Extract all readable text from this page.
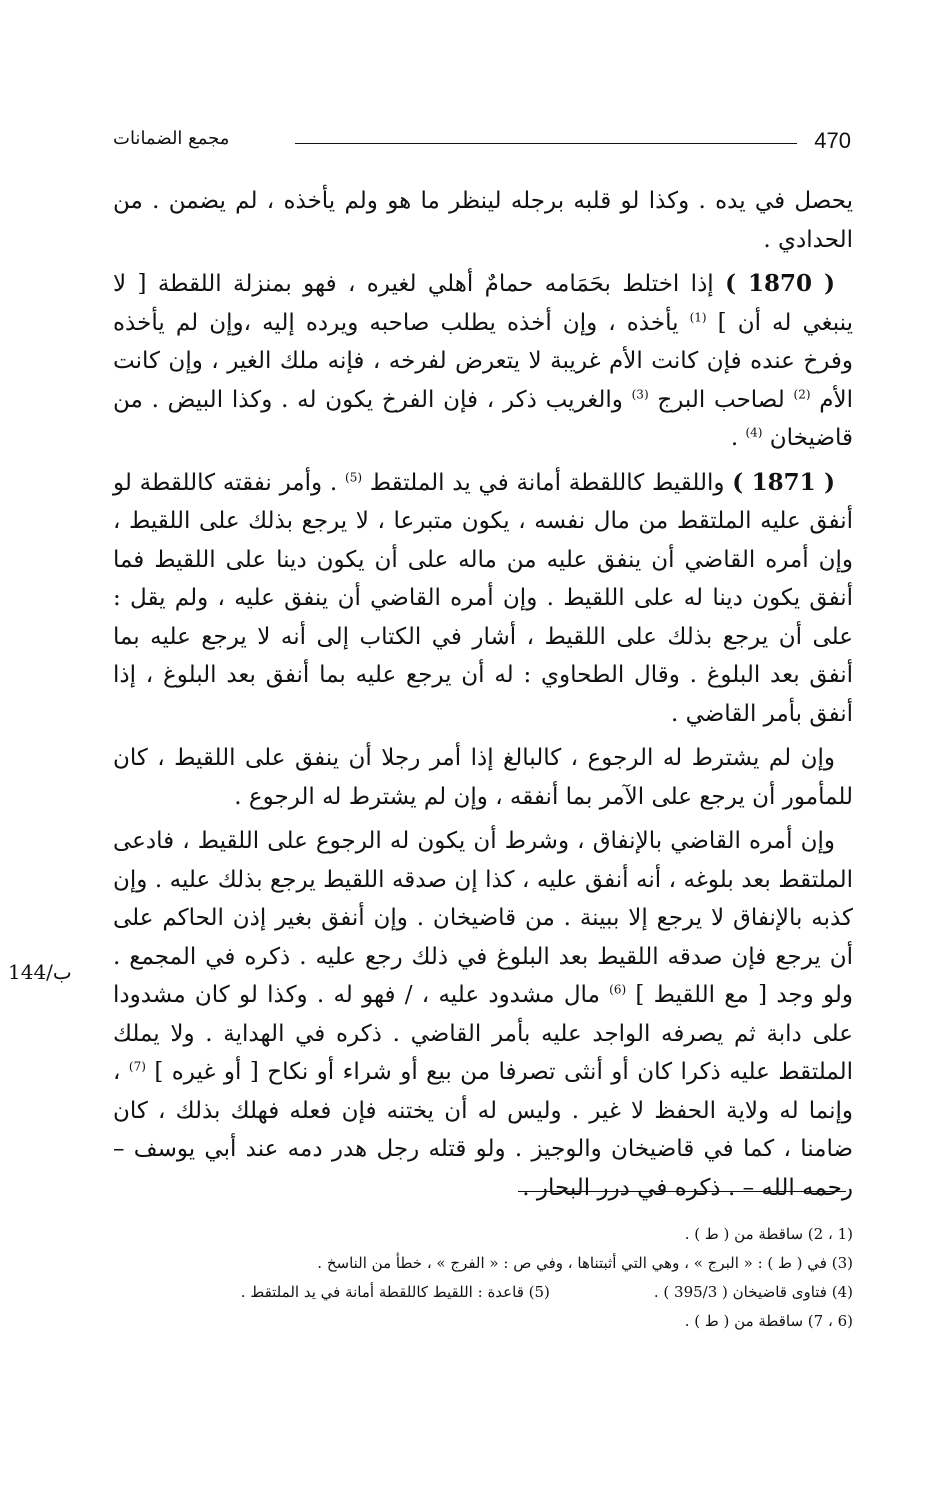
470
مجمع الضمانات

يحصل في يده . وكذا لو قلبه برجله لينظر ما هو ولم يأخذه ، لم يضمن . من الحدادي .

( 1870 ) إذا اختلط بحَمَامه حمامٌ أهلي لغيره ، فهو بمنزلة اللقطة [ لا ينبغي له أن ] $^{(1)}$ يأخذه ، وإن أخذه يطلب صاحبه ويرده إليه ،وإن لم يأخذه وفرخ عنده فإن كانت الأم غريبة لا يتعرض لفرخه ، فإنه ملك الغير ، وإن كانت الأم $^{(2)}$ لصاحب البرج $^{(3)}$ والغريب ذكر ، فإن الفرخ يكون له . وكذا البيض . من قاضيخان $^{(4)}$ .

( 1871 ) واللقيط كاللقطة أمانة في يد الملتقط $^{(5)}$ . وأمر نفقته كاللقطة لو أنفق عليه الملتقط من مال نفسه ، يكون متبرعا ، لا يرجع بذلك على اللقيط ، وإن أمره القاضي أن ينفق عليه من ماله على أن يكون دينا على اللقيط فما أنفق يكون دينا له على اللقيط . وإن أمره القاضي أن ينفق عليه ، ولم يقل : على أن يرجع بذلك على اللقيط ، أشار في الكتاب إلى أنه لا يرجع عليه بما أنفق بعد البلوغ . وقال الطحاوي : له أن يرجع عليه بما أنفق بعد البلوغ ، إذا أنفق بأمر القاضي .

وإن لم يشترط له الرجوع ، كالبالغ إذا أمر رجلا أن ينفق على اللقيط ، كان للمأمور أن يرجع على الآمر بما أنفقه ، وإن لم يشترط له الرجوع .

وإن أمره القاضي بالإنفاق ، وشرط أن يكون له الرجوع على اللقيط ، فادعى الملتقط بعد بلوغه ، أنه أنفق عليه ، كذا إن صدقه اللقيط يرجع بذلك عليه . وإن كذبه بالإنفاق لا يرجع إلا ببينة . من قاضيخان . وإن أنفق بغير إذن الحاكم على أن يرجع فإن صدقه اللقيط بعد البلوغ في ذلك رجع عليه . ذكره في المجمع . ولو وجد [ مع اللقيط ] $^{(6)}$ مال مشدود عليه ، / فهو له . وكذا لو كان مشدودا على دابة ثم يصرفه الواجد عليه بأمر القاضي . ذكره في الهداية . ولا يملك الملتقط عليه ذكرا كان أو أنثى تصرفا من بيع أو شراء أو نكاح [ أو غيره ] $^{(7)}$ ، وإنما له ولاية الحفظ لا غير . وليس له أن يختنه فإن فعله فهلك بذلك ، كان ضامنا ، كما في قاضيخان والوجيز . ولو قتله رجل هدر دمه عند أبي يوسف – رحمه الله – . ذكره في درر البحار .

144/ب
(1 ، 2) ساقطة من ( ط ) .
(3) في ( ط ) : « البرج » ، وهي التي أثبتناها ، وفي ص : « الفرج » ، خطأ من الناسخ .
(4) فتاوى قاضيخان ( 395/3 ) .
(5) قاعدة : اللقيط كاللقطة أمانة في يد الملتقط .
(6 ، 7) ساقطة من ( ط ) .
